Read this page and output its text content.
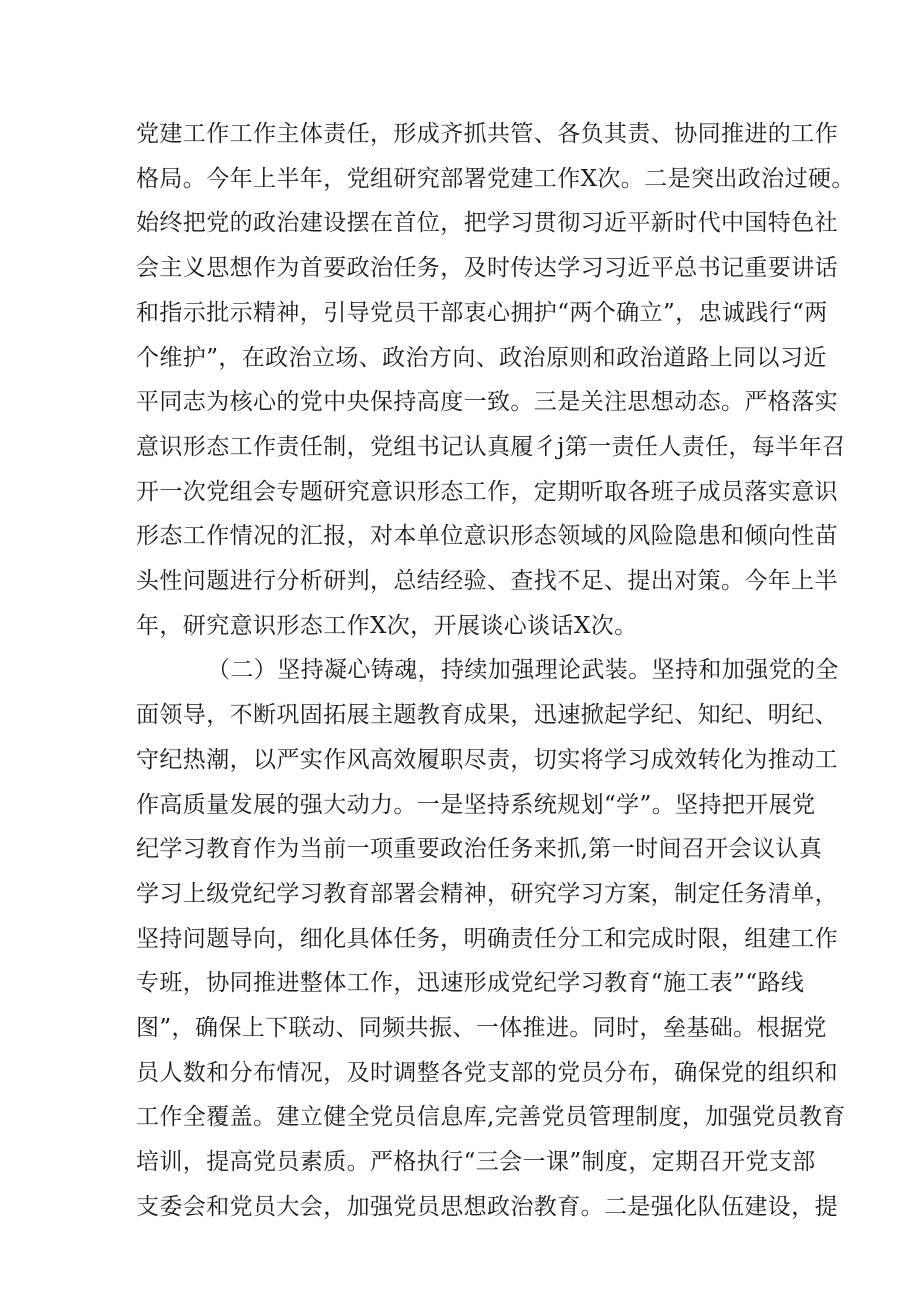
党建工作工作主体责任，形成齐抓共管、各负其责、协同推进的工作
格局。今年上半年，党组研究部署党建工作X次。二是突出政治过硬。
始终把党的政治建设摆在首位，把学习贯彻习近平新时代中国特色社
会主义思想作为首要政治任务，及时传达学习习近平总书记重要讲话
和指示批示精神，引导党员干部衷心拥护“两个确立”，忠诚践行“两
个维护”，在政治立场、政治方向、政治原则和政治道路上同以习近
平同志为核心的党中央保持高度一致。三是关注思想动态。严格落实
意识形态工作责任制，党组书记认真履彳j第一责任人责任，每半年召
开一次党组会专题研究意识形态工作，定期听取各班子成员落实意识
形态工作情况的汇报，对本单位意识形态领域的风险隐患和倾向性苗
头性问题进行分析研判，总结经验、查找不足、提出对策。今年上半
年，研究意识形态工作X次，开展谈心谈话X次。
（二）坚持凝心铸魂，持续加强理论武装。坚持和加强党的全
面领导，不断巩固拓展主题教育成果，迅速掀起学纪、知纪、明纪、
守纪热潮，以严实作风高效履职尽责，切实将学习成效转化为推动工
作高质量发展的强大动力。一是坚持系统规划“学”。坚持把开展党
纪学习教育作为当前一项重要政治任务来抓,第一时间召开会议认真
学习上级党纪学习教育部署会精神，研究学习方案，制定任务清单，
坚持问题导向，细化具体任务，明确责任分工和完成时限，组建工作
专班，协同推进整体工作，迅速形成党纪学习教育“施工表”“路线
图”，确保上下联动、同频共振、一体推进。同时，垒基础。根据党
员人数和分布情况，及时调整各党支部的党员分布，确保党的组织和
工作全覆盖。建立健全党员信息库,完善党员管理制度，加强党员教育
培训，提高党员素质。严格执行“三会一课”制度，定期召开党支部
支委会和党员大会，加强党员思想政治教育。二是强化队伍建设，提
